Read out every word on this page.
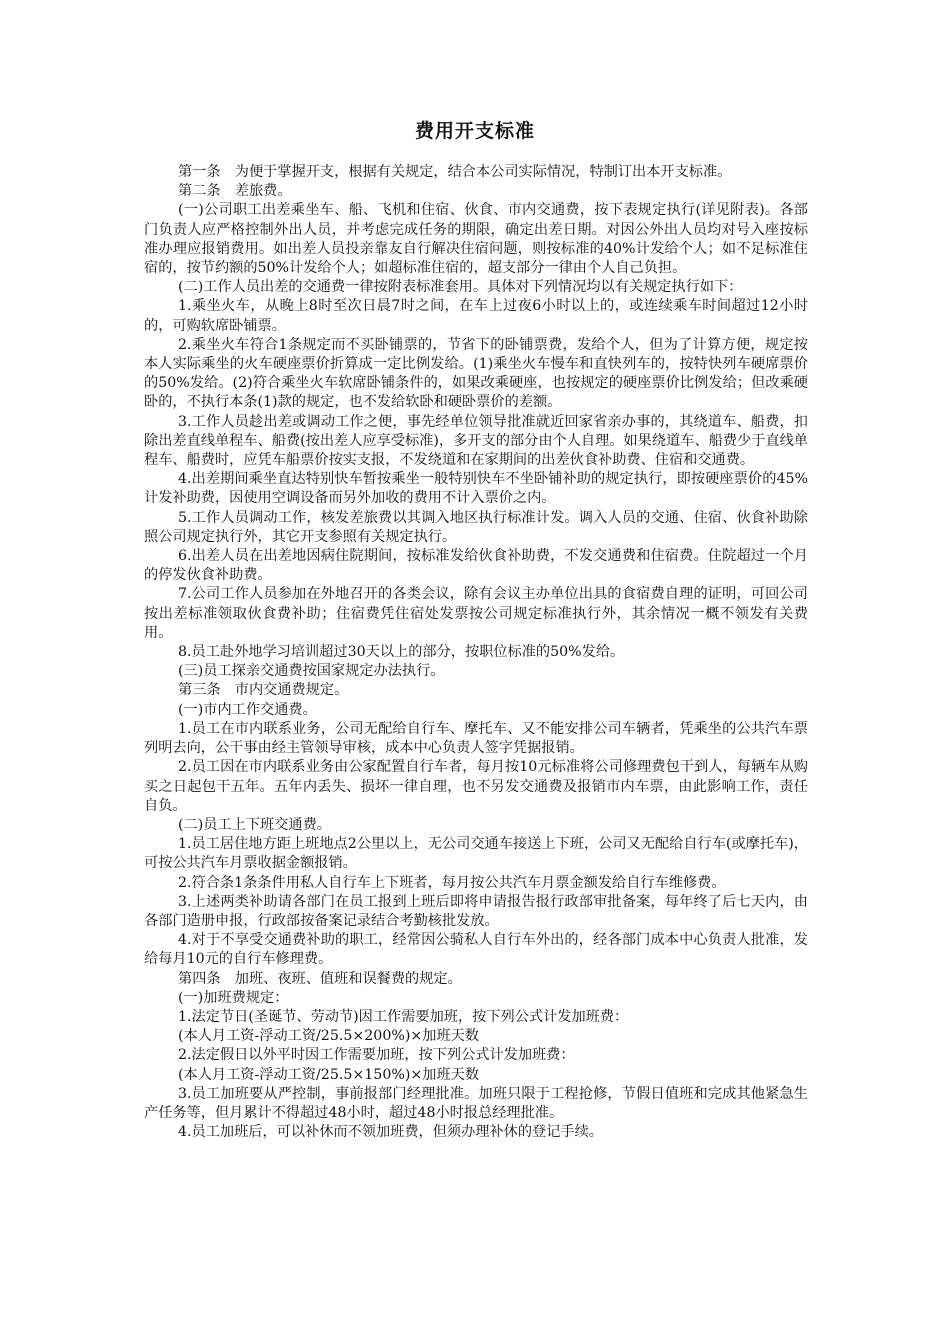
费用开支标准

第一条　为便于掌握开支，根据有关规定，结合本公司实际情况，特制订出本开支标准。

第二条　差旅费。

(一)公司职工出差乘坐车、船、飞机和住宿、伙食、市内交通费，按下表规定执行(详见附表)。各部门负责人应严格控制外出人员，并考虑完成任务的期限，确定出差日期。对因公外出人员均对号入座按标准办理应报销费用。如出差人员投亲靠友自行解决住宿问题，则按标准的40%计发给个人；如不足标准住宿的，按节约额的50%计发给个人；如超标准住宿的，超支部分一律由个人自己负担。

(二)工作人员出差的交通费一律按附表标准套用。具体对下列情况均以有关规定执行如下：

1.乘坐火车，从晚上8时至次日晨7时之间，在车上过夜6小时以上的，或连续乘车时间超过12小时的，可购软席卧铺票。

2.乘坐火车符合1条规定而不买卧铺票的，节省下的卧铺票费，发给个人，但为了计算方便，规定按本人实际乘坐的火车硬座票价折算成一定比例发给。(1)乘坐火车慢车和直快列车的，按特快列车硬席票价的50%发给。(2)符合乘坐火车软席卧铺条件的，如果改乘硬座，也按规定的硬座票价比例发给；但改乘硬卧的，不执行本条(1)款的规定，也不发给软卧和硬卧票价的差额。

3.工作人员趁出差或调动工作之便，事先经单位领导批准就近回家省亲办事的，其绕道车、船费，扣除出差直线单程车、船费(按出差人应享受标准)，多开支的部分由个人自理。如果绕道车、船费少于直线单程车、船费时，应凭车船票价按实支报，不发绕道和在家期间的出差伙食补助费、住宿和交通费。

4.出差期间乘坐直达特别快车暂按乘坐一般特别快车不坐卧铺补助的规定执行，即按硬座票价的45%计发补助费，因使用空调设备而另外加收的费用不计入票价之内。

5.工作人员调动工作，核发差旅费以其调入地区执行标准计发。调入人员的交通、住宿、伙食补助除照公司规定执行外，其它开支参照有关规定执行。

6.出差人员在出差地因病住院期间，按标准发给伙食补助费，不发交通费和住宿费。住院超过一个月的停发伙食补助费。

7.公司工作人员参加在外地召开的各类会议，除有会议主办单位出具的食宿费自理的证明，可回公司按出差标准领取伙食费补助；住宿费凭住宿处发票按公司规定标准执行外，其余情况一概不领发有关费用。

8.员工赴外地学习培训超过30天以上的部分，按职位标准的50%发给。

(三)员工探亲交通费按国家规定办法执行。

第三条　市内交通费规定。

(一)市内工作交通费。

1.员工在市内联系业务，公司无配给自行车、摩托车、又不能安排公司车辆者，凭乘坐的公共汽车票列明去向，公干事由经主管领导审核，成本中心负责人签字凭据报销。

2.员工因在市内联系业务由公家配置自行车者，每月按10元标准将公司修理费包干到人，每辆车从购买之日起包干五年。五年内丢失、损坏一律自理，也不另发交通费及报销市内车票，由此影响工作，责任自负。

(二)员工上下班交通费。

1.员工居住地方距上班地点2公里以上，无公司交通车接送上下班，公司又无配给自行车(或摩托车)，可按公共汽车月票收据金额报销。

2.符合条1条条件用私人自行车上下班者，每月按公共汽车月票金额发给自行车维修费。

3.上述两类补助请各部门在员工报到上班后即将申请报告报行政部审批备案，每年终了后七天内，由各部门造册申报，行政部按备案记录结合考勤核批发放。

4.对于不享受交通费补助的职工，经常因公骑私人自行车外出的，经各部门成本中心负责人批准，发给每月10元的自行车修理费。

第四条　加班、夜班、值班和误餐费的规定。

(一)加班费规定：

1.法定节日(圣诞节、劳动节)因工作需要加班，按下列公式计发加班费：

(本人月工资-浮动工资/25.5×200%)×加班天数

2.法定假日以外平时因工作需要加班，按下列公式计发加班费：

(本人月工资-浮动工资/25.5×150%)×加班天数

3.员工加班要从严控制，事前报部门经理批准。加班只限于工程抢修，节假日值班和完成其他紧急生产任务等，但月累计不得超过48小时，超过48小时报总经理批准。

4.员工加班后，可以补休而不领加班费，但须办理补休的登记手续。
